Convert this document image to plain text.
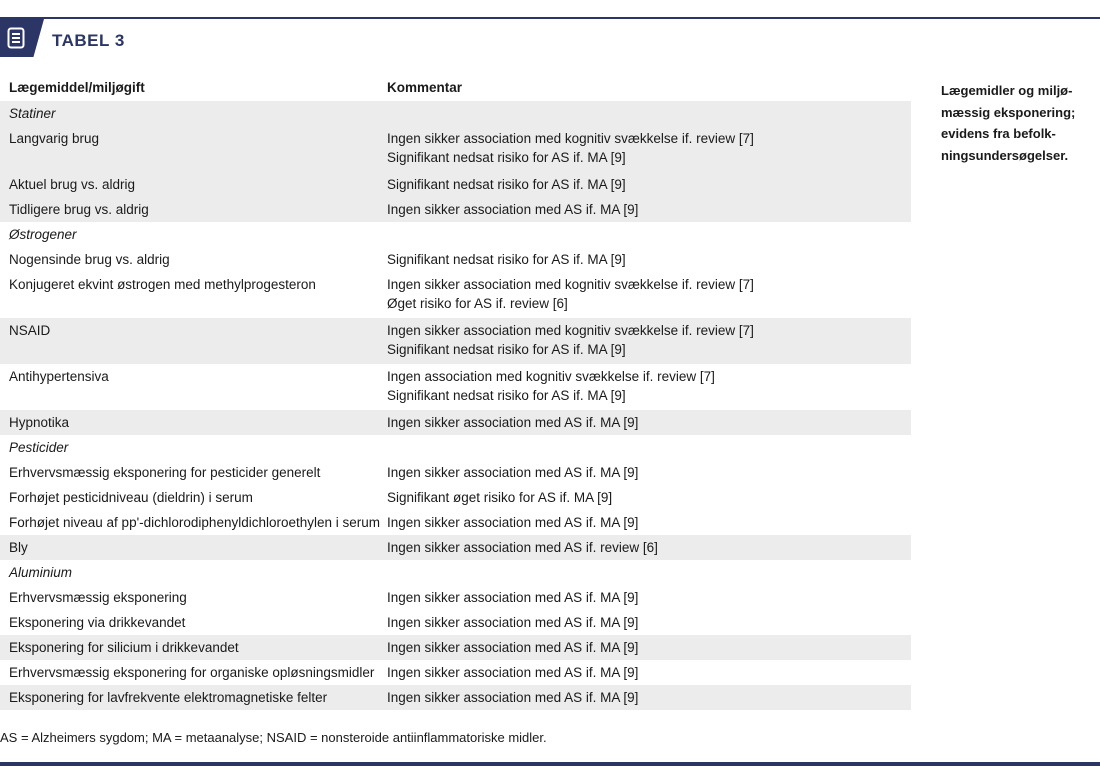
TABEL 3
Lægemiddel/miljøgift	Kommentar
Statiner
Langvarig brug	Ingen sikker association med kognitiv svækkelse if. review [7]
Signifikant nedsat risiko for AS if. MA [9]
Aktuel brug vs. aldrig	Signifikant nedsat risiko for AS if. MA [9]
Tidligere brug vs. aldrig	Ingen sikker association med AS if. MA [9]
Østrogener
Nogensinde brug vs. aldrig	Signifikant nedsat risiko for AS if. MA [9]
Konjugeret ekvint østrogen med methylprogesteron	Ingen sikker association med kognitiv svækkelse if. review [7]
Øget risiko for AS if. review [6]
NSAID	Ingen sikker association med kognitiv svækkelse if. review [7]
Signifikant nedsat risiko for AS if. MA [9]
Antihypertensiva	Ingen association med kognitiv svækkelse if. review [7]
Signifikant nedsat risiko for AS if. MA [9]
Hypnotika	Ingen sikker association med AS if. MA [9]
Pesticider
Erhvervsmæssig eksponering for pesticider generelt	Ingen sikker association med AS if. MA [9]
Forhøjet pesticidniveau (dieldrin) i serum	Signifikant øget risiko for AS if. MA [9]
Forhøjet niveau af pp'-dichlorodiphenyldichloroethylen i serum Ingen sikker association med AS if. MA [9]
Bly	Ingen sikker association med AS if. review [6]
Aluminium
Erhvervsmæssig eksponering	Ingen sikker association med AS if. MA [9]
Eksponering via drikkevandet	Ingen sikker association med AS if. MA [9]
Eksponering for silicium i drikkevandet	Ingen sikker association med AS if. MA [9]
Erhvervsmæssig eksponering for organiske opløsningsmidler Ingen sikker association med AS if. MA [9]
Eksponering for lavfrekvente elektromagnetiske felter	Ingen sikker association med AS if. MA [9]
Lægemidler og miljø-
mæssig eksponering;
evidens fra befolk-
ningsundersøgelser.
AS = Alzheimers sygdom; MA = metaanalyse; NSAID = nonsteroide antiinflammatoriske midler.
